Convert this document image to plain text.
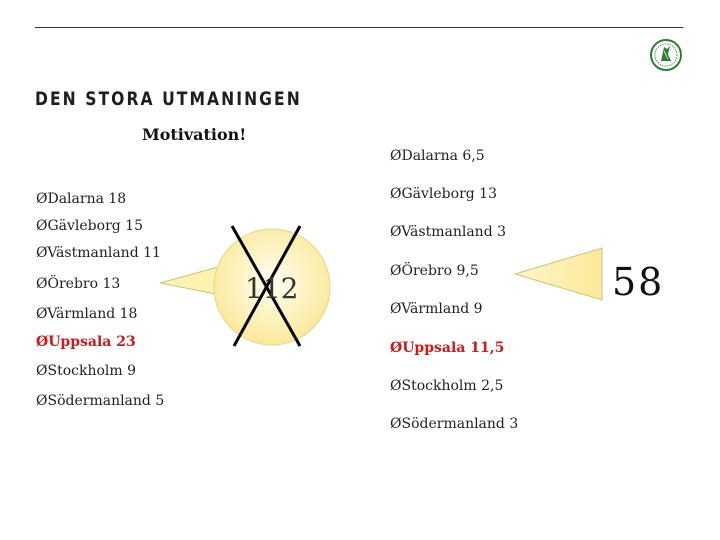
DEN STORA UTMANINGEN
Motivation!
112	58
ØDalarna 18
ØGävleborg 15
ØVästmanland 11
ØÖrebro 13
ØVärmland 18
ØUppsala 23
ØStockholm 9
ØSödermanland 5
ØDalarna 6,5
ØGävleborg 13
ØVästmanland 3
ØÖrebro 9,5
ØVärmland 9
ØUppsala 11,5
ØStockholm 2,5
ØSödermanland 3
